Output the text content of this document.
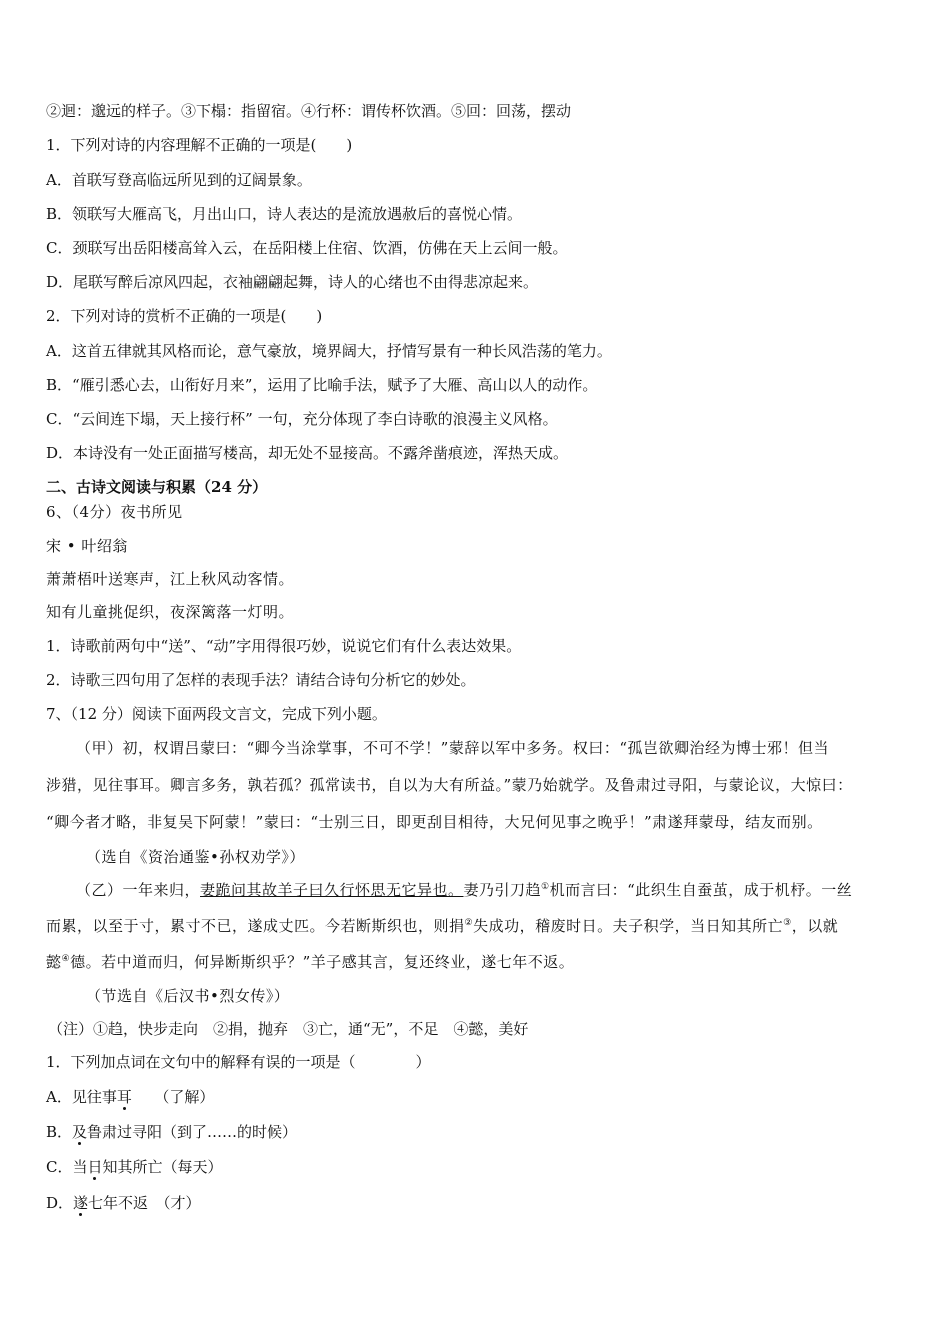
②迴：邈远的样子。③下榻：指留宿。④行杯：谓传杯饮酒。⑤回：回荡，摆动
1．下列对诗的内容理解不正确的一项是(　　)
A．首联写登高临远所见到的辽阔景象。
B．领联写大雁高飞，月出山口，诗人表达的是流放遇赦后的喜悦心情。
C．颈联写出岳阳楼高耸入云，在岳阳楼上住宿、饮酒，仿佛在天上云间一般。
D．尾联写醉后凉风四起，衣袖翩翩起舞，诗人的心绪也不由得悲凉起来。
2．下列对诗的赏析不正确的一项是(　　)
A．这首五律就其风格而论，意气豪放，境界阔大，抒情写景有一种长风浩荡的笔力。
B．“雁引悉心去，山衔好月来”，运用了比喻手法，赋予了大雁、高山以人的动作。
C．“云间连下塌，天上接行杯” 一句，充分体现了李白诗歌的浪漫主义风格。
D．本诗没有一处正面描写楼高，却无处不显接高。不露斧凿痕迹，浑热天成。
二、古诗文阅读与积累（24 分）
6、（4分）夜书所见
宋 • 叶绍翁
萧萧梧叶送寒声，江上秋风动客情。
知有儿童挑促织，夜深篱落一灯明。
1．诗歌前两句中“送”、“动”字用得很巧妙，说说它们有什么表达效果。
2．诗歌三四句用了怎样的表现手法？请结合诗句分析它的妙处。
7、（12 分）阅读下面两段文言文，完成下列小题。
（甲）初，权谓吕蒙曰：“卿今当涂掌事，不可不学！”蒙辞以军中多务。权曰：“孤岂欲卿治经为博士邪！但当
涉猎，见往事耳。卿言多务，孰若孤？孤常读书，自以为大有所益。”蒙乃始就学。及鲁肃过寻阳，与蒙论议，大惊曰：
“卿今者才略，非复吴下阿蒙！”蒙曰：“士别三日，即更刮目相待，大兄何见事之晚乎！”肃遂拜蒙母，结友而别。
（选自《资治通鉴•孙权劝学》）
（乙）一年来归，妻跪问其故羊子曰久行怀思无它异也。妻乃引刀趋①机而言曰：“此织生自蚕茧，成于机杼。一丝
而累，以至于寸，累寸不已，遂成丈匹。今若断斯织也，则捐②失成功，稽废时日。夫子积学，当日知其所亡③，以就
懿④德。若中道而归，何异断斯织乎？”羊子感其言，复还终业，遂七年不返。
（节选自《后汉书•烈女传》）
（注）①趋，快步走向　②捐，抛弃　③亡，通“无”，不足　④懿，美好
1．下列加点词在文句中的解释有误的一项是（　　　　）
A．见往事耳　　（了解）
B．及鲁肃过寻阳（到了……的时候）
C．当日知其所亡（每天）
D．遂七年不返　（才）
